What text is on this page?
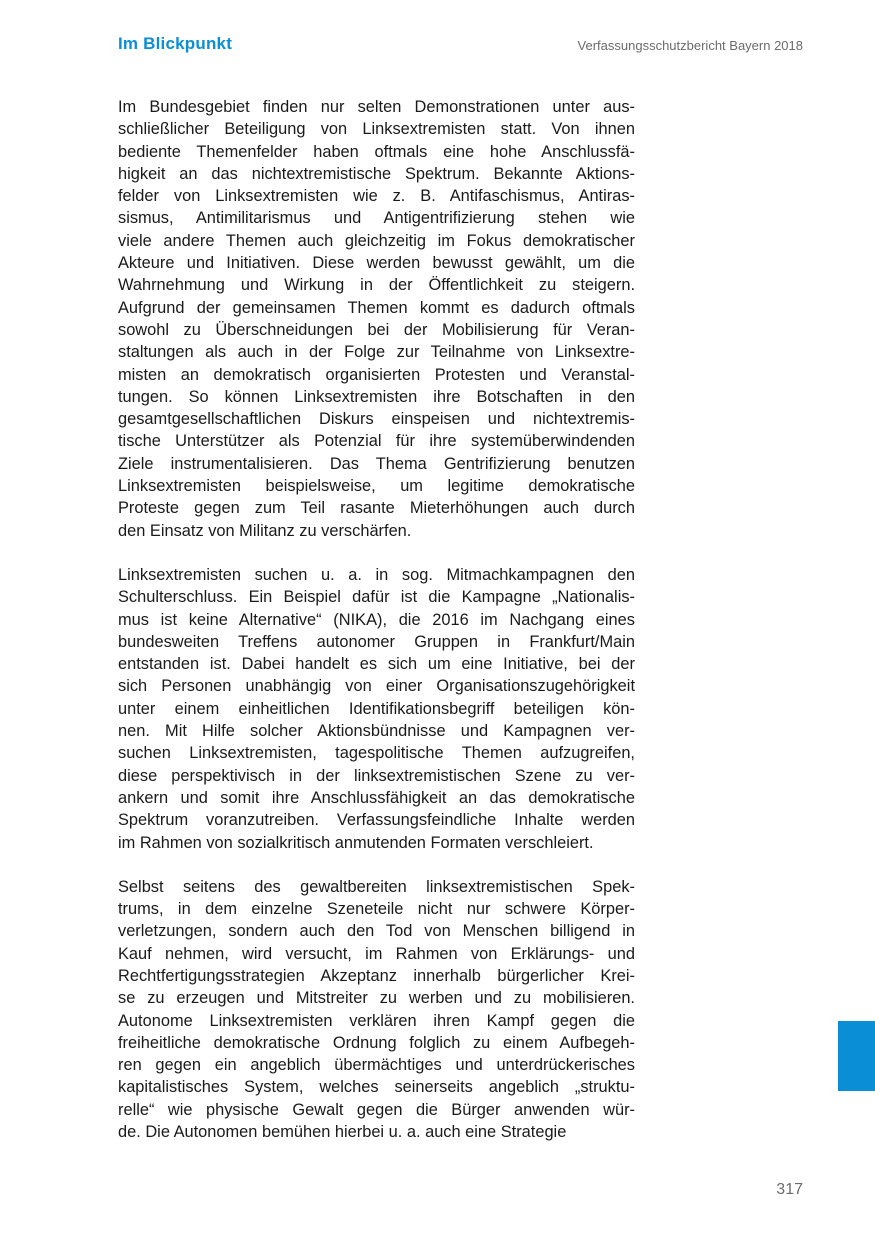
Im Blickpunkt	Verfassungsschutzbericht Bayern 2018
Im Bundesgebiet finden nur selten Demonstrationen unter aus-
schließlicher Beteiligung von Linksextremisten statt. Von ihnen
bediente Themenfelder haben oftmals eine hohe Anschlussfä-
higkeit an das nichtextremistische Spektrum. Bekannte Aktions-
felder von Linksextremisten wie z. B. Antifaschismus, Antiras-
sismus, Antimilitarismus und Antigentrifizierung stehen wie
viele andere Themen auch gleichzeitig im Fokus demokratischer
Akteure und Initiativen. Diese werden bewusst gewählt, um die
Wahrnehmung und Wirkung in der Öffentlichkeit zu steigern.
Aufgrund der gemeinsamen Themen kommt es dadurch oftmals
sowohl zu Überschneidungen bei der Mobilisierung für Veran-
staltungen als auch in der Folge zur Teilnahme von Linksextre-
misten an demokratisch organisierten Protesten und Veranstal-
tungen. So können Linksextremisten ihre Botschaften in den
gesamtgesellschaftlichen Diskurs einspeisen und nichtextremis-
tische Unterstützer als Potenzial für ihre systemüberwindenden
Ziele instrumentalisieren. Das Thema Gentrifizierung benutzen
Linksextremisten beispielsweise, um legitime demokratische
Proteste gegen zum Teil rasante Mieterhöhungen auch durch
den Einsatz von Militanz zu verschärfen.
Linksextremisten suchen u. a. in sog. Mitmachkampagnen den
Schulterschluss. Ein Beispiel dafür ist die Kampagne „Nationalis-
mus ist keine Alternative“ (NIKA), die 2016 im Nachgang eines
bundesweiten Treffens autonomer Gruppen in Frankfurt/Main
entstanden ist. Dabei handelt es sich um eine Initiative, bei der
sich Personen unabhängig von einer Organisationszugehörigkeit
unter einem einheitlichen Identifikationsbegriff beteiligen kön-
nen. Mit Hilfe solcher Aktionsbündnisse und Kampagnen ver-
suchen Linksextremisten, tagespolitische Themen aufzugreifen,
diese perspektivisch in der linksextremistischen Szene zu ver-
ankern und somit ihre Anschlussfähigkeit an das demokratische
Spektrum voranzutreiben. Verfassungsfeindliche Inhalte werden
im Rahmen von sozialkritisch anmutenden Formaten verschleiert.
Selbst seitens des gewaltbereiten linksextremistischen Spek-
trums, in dem einzelne Szeneteile nicht nur schwere Körper-
verletzungen, sondern auch den Tod von Menschen billigend in
Kauf nehmen, wird versucht, im Rahmen von Erklärungs- und
Rechtfertigungsstrategien Akzeptanz innerhalb bürgerlicher Krei-
se zu erzeugen und Mitstreiter zu werben und zu mobilisieren.
Autonome Linksextremisten verklären ihren Kampf gegen die
freiheitliche demokratische Ordnung folglich zu einem Aufbegeh-
ren gegen ein angeblich übermächtiges und unterdrückerisches
kapitalistisches System, welches seinerseits angeblich „struktu-
relle“ wie physische Gewalt gegen die Bürger anwenden wür-
de. Die Autonomen bemühen hierbei u. a. auch eine Strategie
317
